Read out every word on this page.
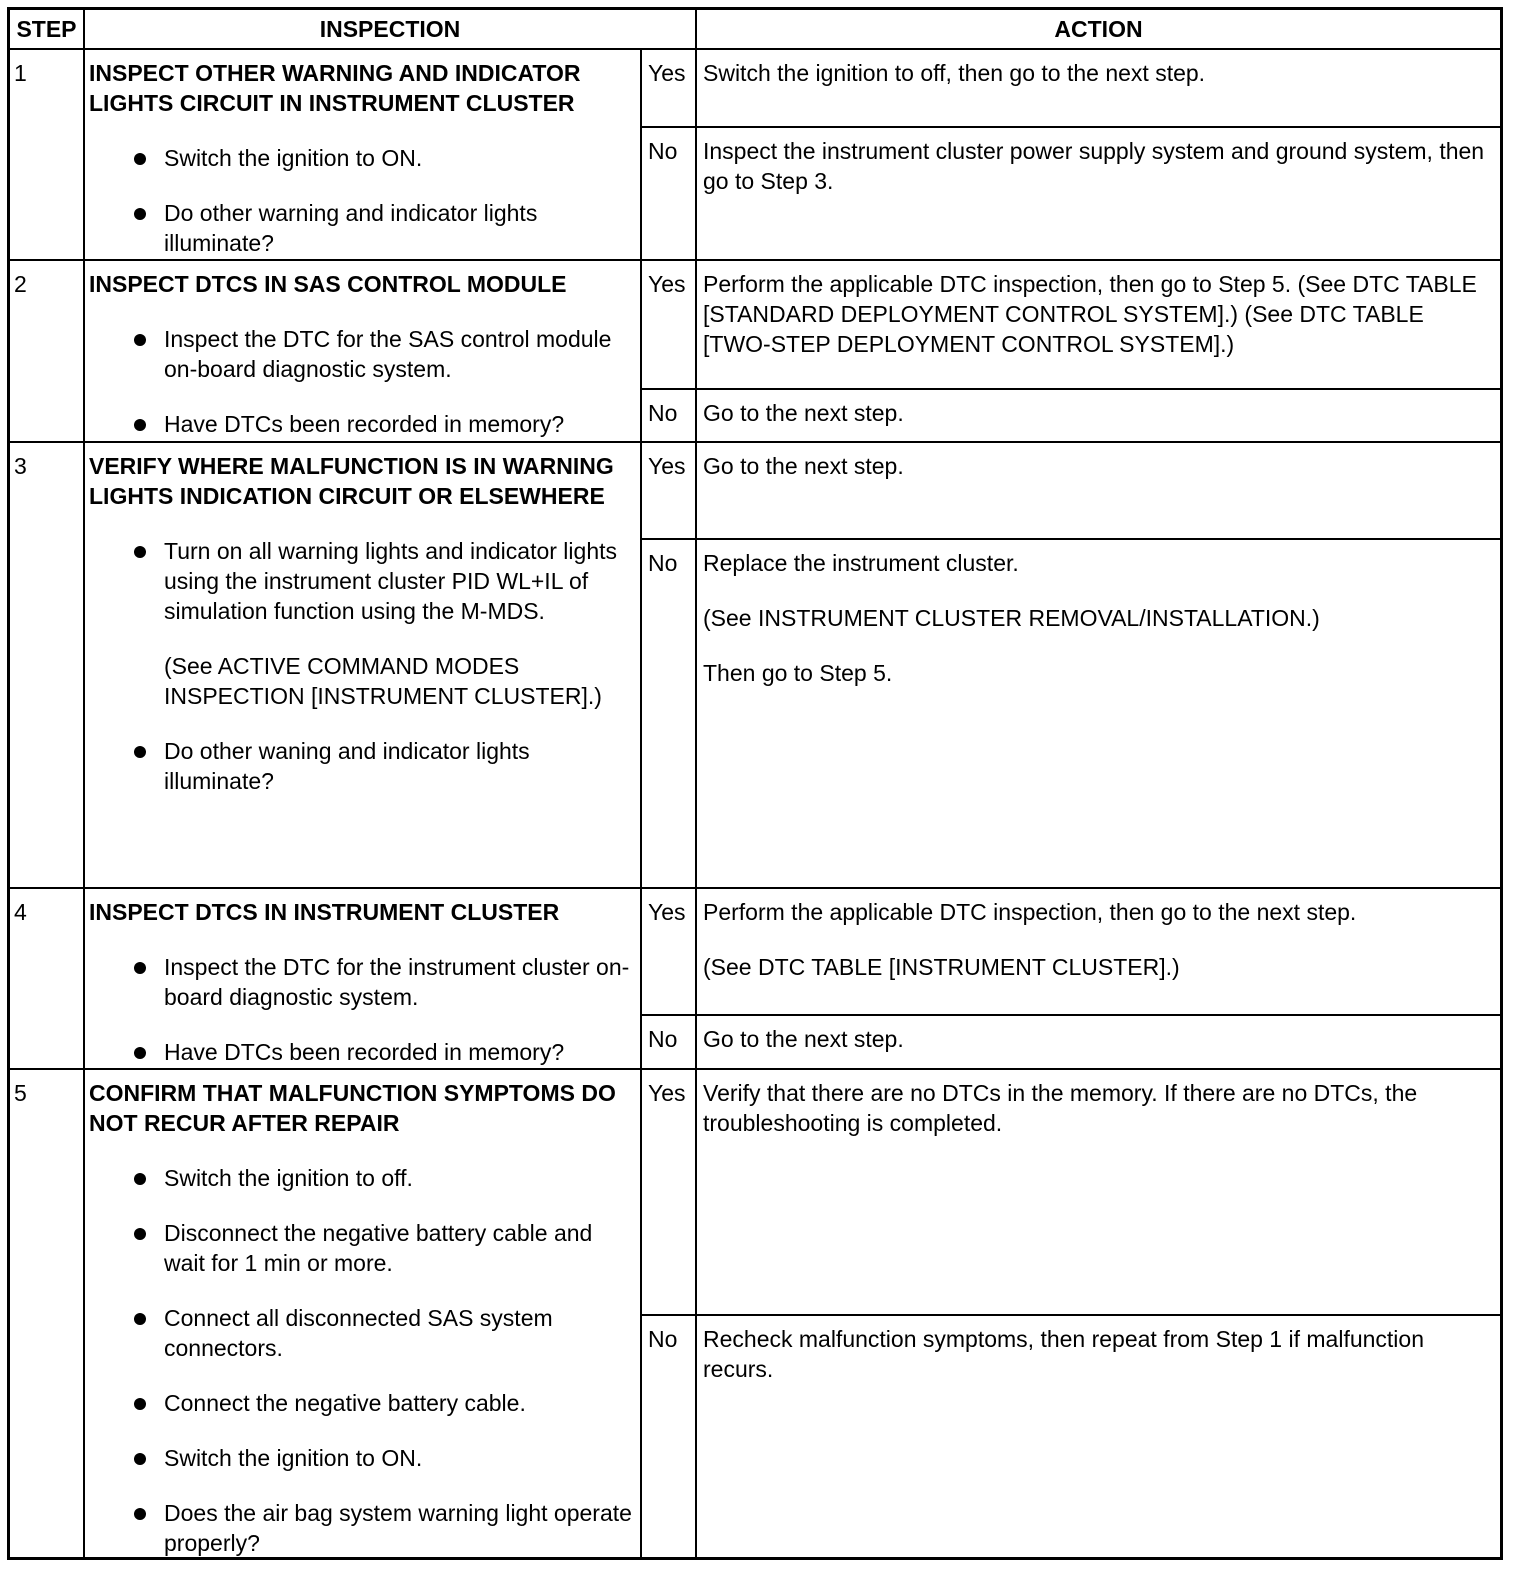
STEP	INSPECTION	ACTION
1	INSPECT OTHER WARNING AND INDICATOR LIGHTS CIRCUIT IN INSTRUMENT CLUSTER
Switch the ignition to ON.
Do other warning and indicator lights illuminate?
Yes Switch the ignition to off, then go to the next step.
No	Inspect the instrument cluster power supply system and ground system, then go to Step 3.
2	INSPECT DTCS IN SAS CONTROL MODULE
Inspect the DTC for the SAS control module on-board diagnostic system.
Have DTCs been recorded in memory?
Yes Perform the applicable DTC inspection, then go to Step 5. (See DTC TABLE [STANDARD DEPLOYMENT CONTROL SYSTEM].) (See DTC TABLE [TWO-STEP DEPLOYMENT CONTROL SYSTEM].)
No	Go to the next step.
3	VERIFY WHERE MALFUNCTION IS IN WARNING LIGHTS INDICATION CIRCUIT OR ELSEWHERE
Turn on all warning lights and indicator lights using the instrument cluster PID WL+IL of simulation function using the M-MDS.
(See ACTIVE COMMAND MODES INSPECTION [INSTRUMENT CLUSTER].)
Do other waning and indicator lights illuminate?
Yes Go to the next step.
No	Replace the instrument cluster.
(See INSTRUMENT CLUSTER REMOVAL/INSTALLATION.)
Then go to Step 5.
4	INSPECT DTCS IN INSTRUMENT CLUSTER
Inspect the DTC for the instrument cluster on-board diagnostic system.
Have DTCs been recorded in memory?
Yes Perform the applicable DTC inspection, then go to the next step.
(See DTC TABLE [INSTRUMENT CLUSTER].)
No	Go to the next step.
5	CONFIRM THAT MALFUNCTION SYMPTOMS DO NOT RECUR AFTER REPAIR
Switch the ignition to off.
Disconnect the negative battery cable and wait for 1 min or more.
Connect all disconnected SAS system connectors.
Connect the negative battery cable.
Switch the ignition to ON.
Does the air bag system warning light operate properly?
Yes Verify that there are no DTCs in the memory. If there are no DTCs, the troubleshooting is completed.
No	Recheck malfunction symptoms, then repeat from Step 1 if malfunction recurs.
